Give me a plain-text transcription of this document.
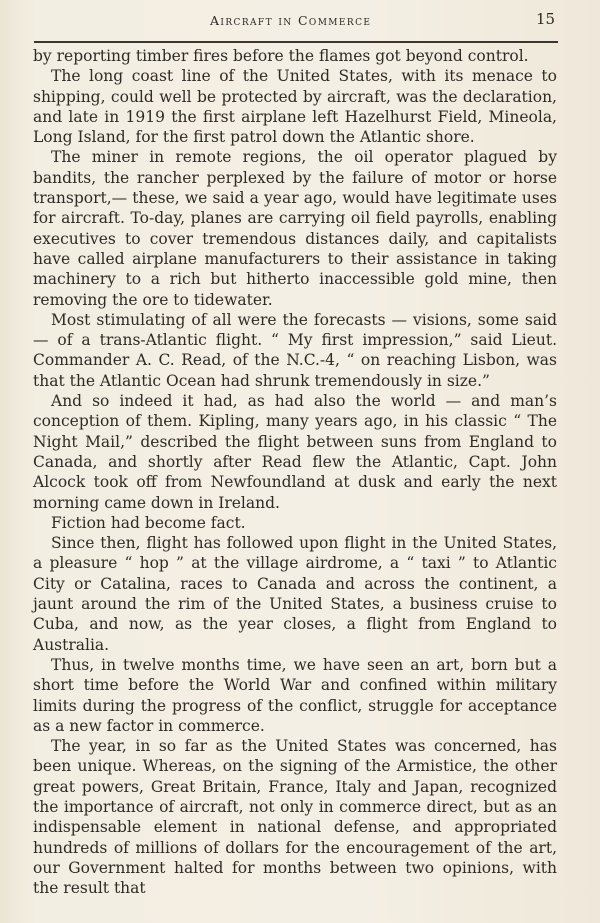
Aircraft in Commerce	15

by reporting timber fires before the flames got beyond control.

The long coast line of the United States, with its menace to shipping, could well be protected by aircraft, was the declaration, and late in 1919 the first airplane left Hazelhurst Field, Mineola, Long Island, for the first patrol down the Atlantic shore.

The miner in remote regions, the oil operator plagued by bandits, the rancher perplexed by the failure of motor or horse transport,— these, we said a year ago, would have legitimate uses for aircraft. To-day, planes are carrying oil field payrolls, enabling executives to cover tremendous distances daily, and capitalists have called airplane manufacturers to their assistance in taking machinery to a rich but hitherto inaccessible gold mine, then removing the ore to tidewater.

Most stimulating of all were the forecasts — visions, some said — of a trans-Atlantic flight. “ My first impression,” said Lieut. Commander A. C. Read, of the N.C.-4, “ on reaching Lisbon, was that the Atlantic Ocean had shrunk tremendously in size.”

And so indeed it had, as had also the world — and man’s conception of them. Kipling, many years ago, in his classic “ The Night Mail,” described the flight between suns from England to Canada, and shortly after Read flew the Atlantic, Capt. John Alcock took off from Newfoundland at dusk and early the next morning came down in Ireland.

Fiction had become fact.

Since then, flight has followed upon flight in the United States, a pleasure “ hop ” at the village airdrome, a “ taxi ” to Atlantic City or Catalina, races to Canada and across the continent, a jaunt around the rim of the United States, a business cruise to Cuba, and now, as the year closes, a flight from England to Australia.

Thus, in twelve months time, we have seen an art, born but a short time before the World War and confined within military limits during the progress of the conflict, struggle for acceptance as a new factor in commerce.

The year, in so far as the United States was concerned, has been unique. Whereas, on the signing of the Armistice, the other great powers, Great Britain, France, Italy and Japan, recognized the importance of aircraft, not only in commerce direct, but as an indispensable element in national defense, and appropriated hundreds of millions of dollars for the encouragement of the art, our Government halted for months between two opinions, with the result that
